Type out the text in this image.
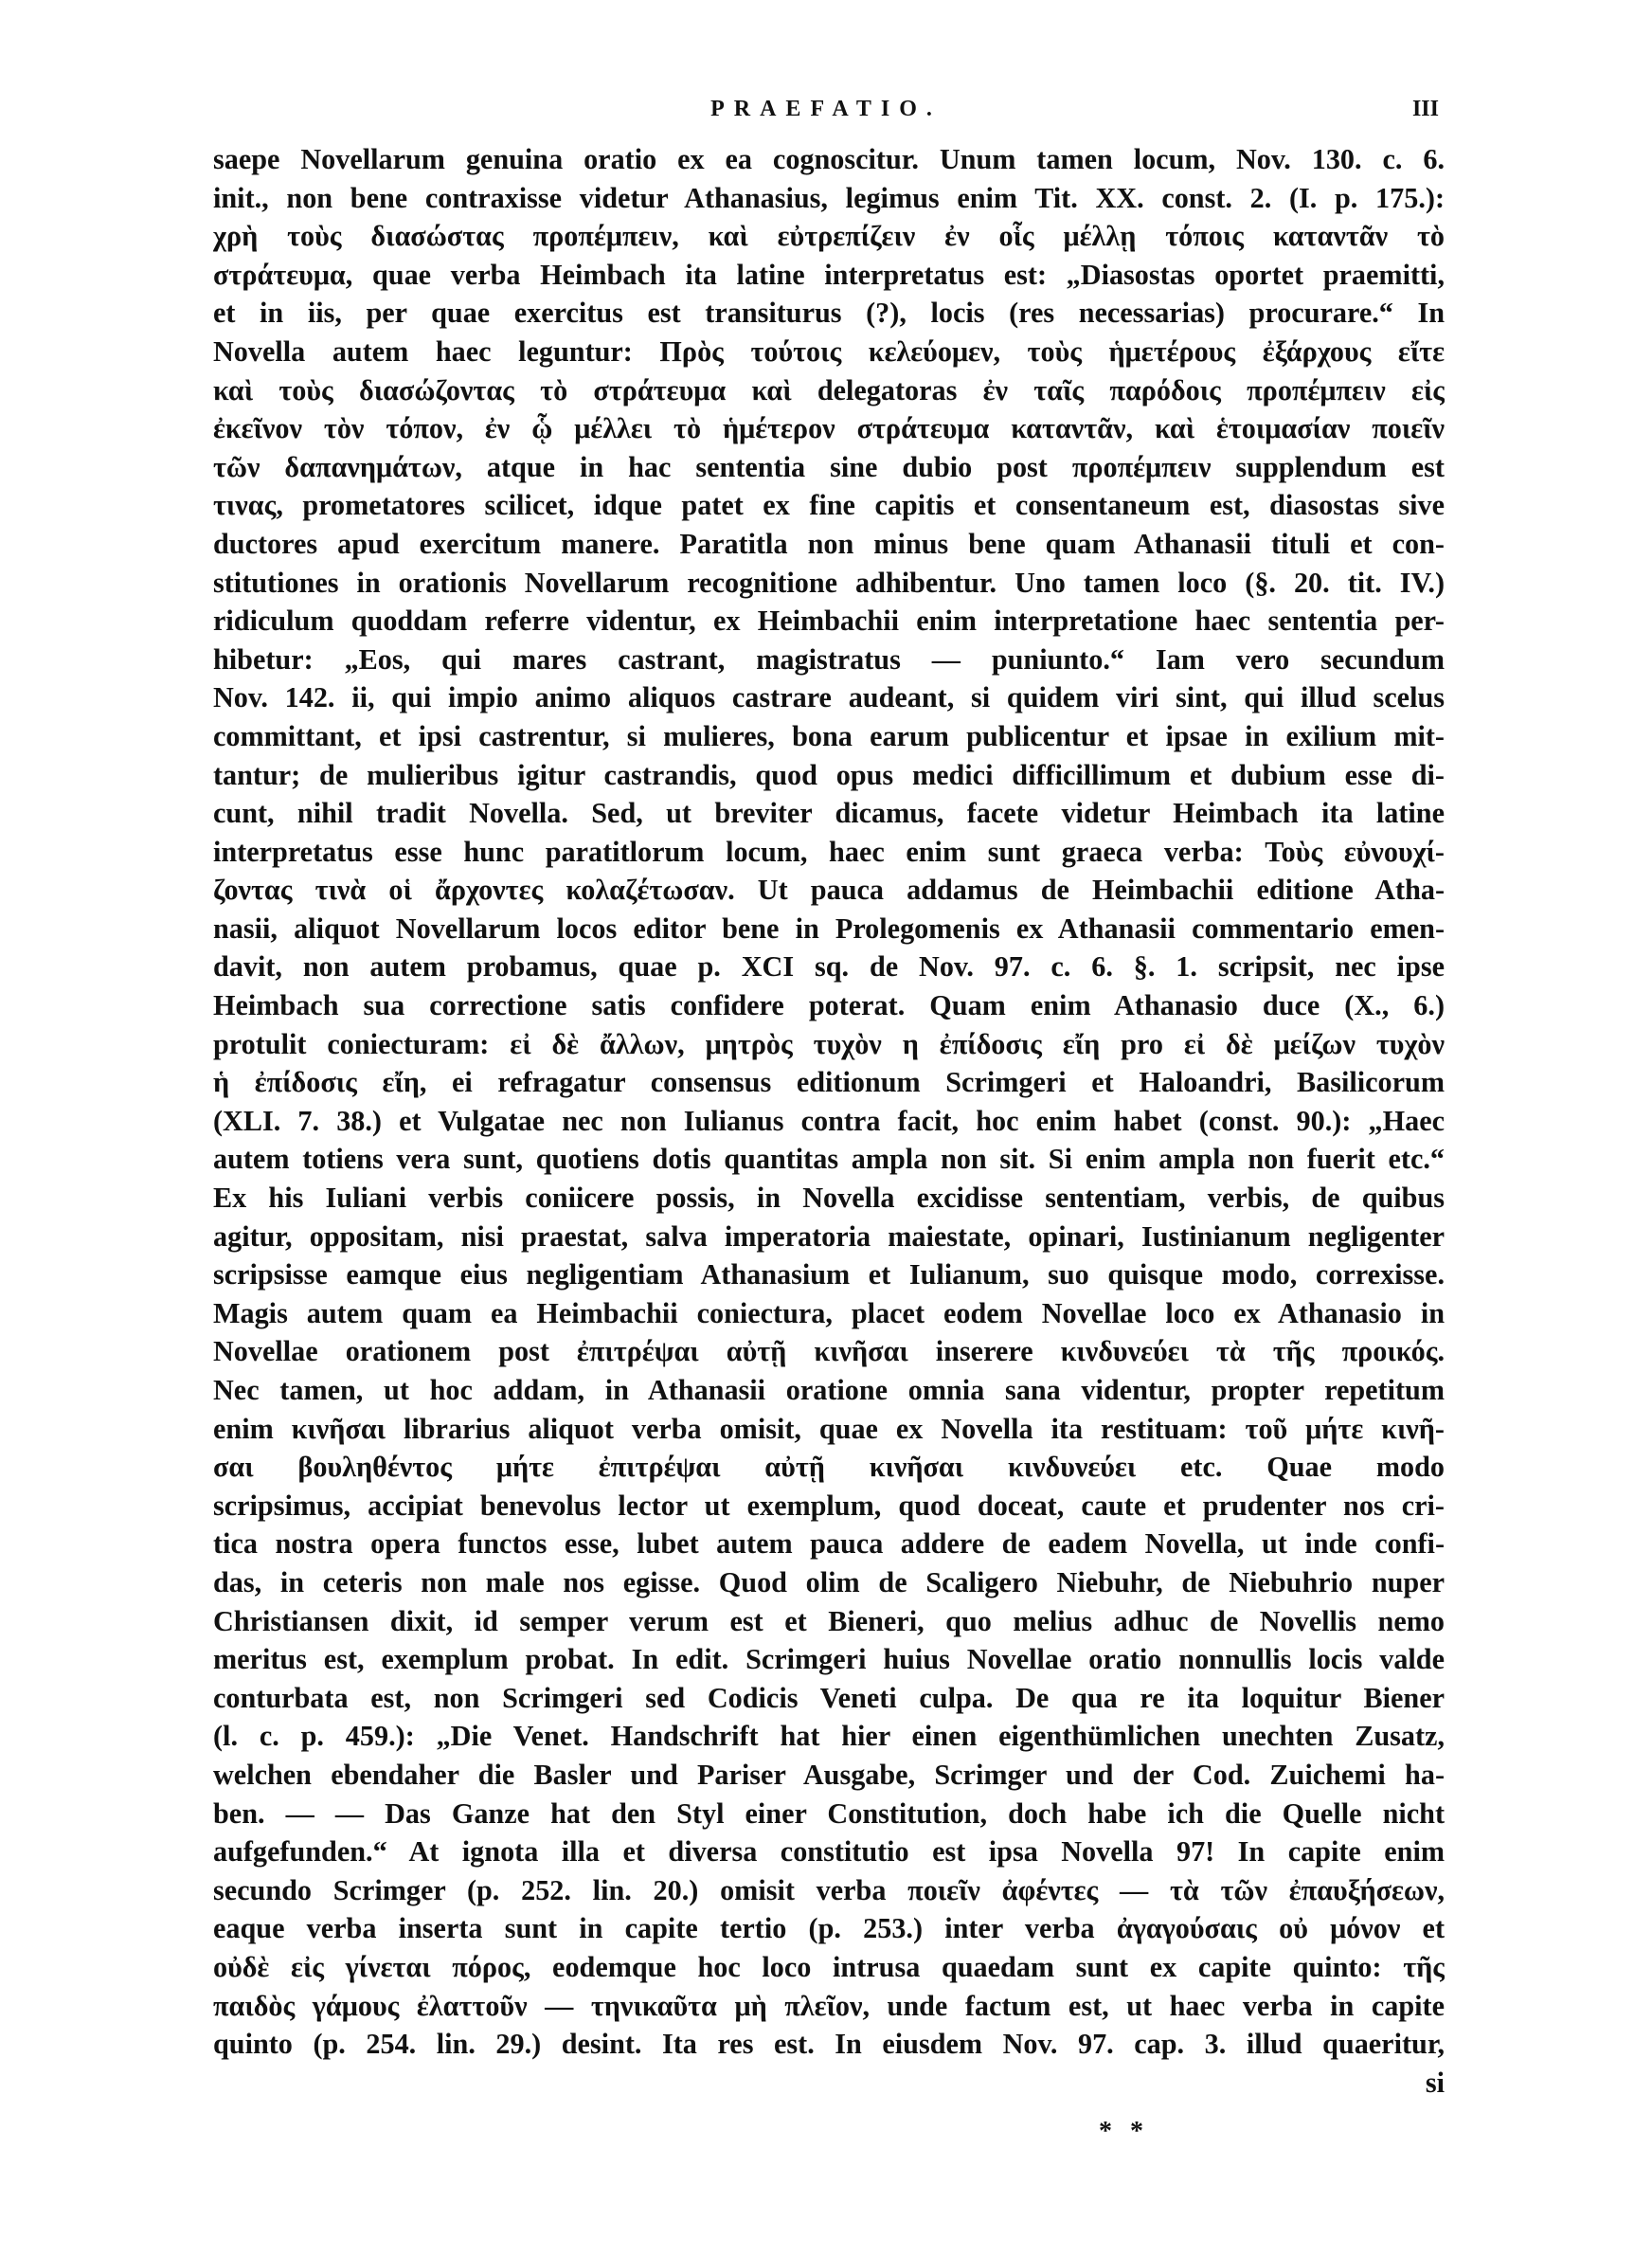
PRAEFATIO.	III
saepe Novellarum genuina oratio ex ea cognoscitur. Unum tamen locum, Nov. 130. c. 6.
init., non bene contraxisse videtur Athanasius, legimus enim Tit. XX. const. 2. (I. p. 175.):
χρὴ τοὺς διασώστας προπέμπειν, καὶ εὐτρεπίζειν ἐν οἷς μέλλῃ τόποις καταντᾶν τὸ
στράτευμα, quae verba Heimbach ita latine interpretatus est: „Diasostas oportet praemitti,
et in iis, per quae exercitus est transiturus (?), locis (res necessarias) procurare.“ In
Novella autem haec leguntur: Πρὸς τούτοις κελεύομεν, τοὺς ἡμετέρους ἐξάρχους εἴτε
καὶ τοὺς διασώζοντας τὸ στράτευμα καὶ delegatoras ἐν ταῖς παρόδοις προπέμπειν εἰς
ἐκεῖνον τὸν τόπον, ἐν ᾧ μέλλει τὸ ἡμέτερον στράτευμα καταντᾶν, καὶ ἑτοιμασίαν ποιεῖν
τῶν δαπανημάτων, atque in hac sententia sine dubio post προπέμπειν supplendum est
τινας, prometatores scilicet, idque patet ex fine capitis et consentaneum est, diasostas sive
ductores apud exercitum manere. Paratitla non minus bene quam Athanasii tituli et con-
stitutiones in orationis Novellarum recognitione adhibentur. Uno tamen loco (§. 20. tit. IV.)
ridiculum quoddam referre videntur, ex Heimbachii enim interpretatione haec sententia per-
hibetur: „Eos, qui mares castrant, magistratus — puniunto.“ Iam vero secundum
Nov. 142. ii, qui impio animo aliquos castrare audeant, si quidem viri sint, qui illud scelus
committant, et ipsi castrentur, si mulieres, bona earum publicentur et ipsae in exilium mit-
tantur; de mulieribus igitur castrandis, quod opus medici difficillimum et dubium esse di-
cunt, nihil tradit Novella. Sed, ut breviter dicamus, facete videtur Heimbach ita latine
interpretatus esse hunc paratitlorum locum, haec enim sunt graeca verba: Τοὺς εὐνουχί-
ζοντας τινὰ οἱ ἄρχοντες κολαζέτωσαν. Ut pauca addamus de Heimbachii editione Atha-
nasii, aliquot Novellarum locos editor bene in Prolegomenis ex Athanasii commentario emen-
davit, non autem probamus, quae p. XCI sq. de Nov. 97. c. 6. §. 1. scripsit, nec ipse
Heimbach sua correctione satis confidere poterat. Quam enim Athanasio duce (X., 6.)
protulit coniecturam: εἰ δὲ ἄλλων, μητρὸς τυχὸν η ἐπίδοσις εἴη pro εἰ δὲ μείζων τυχὸν
ἡ ἐπίδοσις εἴη, ei refragatur consensus editionum Scrimgeri et Haloandri, Basilicorum
(XLI. 7. 38.) et Vulgatae nec non Iulianus contra facit, hoc enim habet (const. 90.): „Haec
autem totiens vera sunt, quotiens dotis quantitas ampla non sit. Si enim ampla non fuerit etc.“
Ex his Iuliani verbis coniicere possis, in Novella excidisse sententiam, verbis, de quibus
agitur, oppositam, nisi praestat, salva imperatoria maiestate, opinari, Iustinianum negligenter
scripsisse eamque eius negligentiam Athanasium et Iulianum, suo quisque modo, correxisse.
Magis autem quam ea Heimbachii coniectura, placet eodem Novellae loco ex Athanasio in
Novellae orationem post ἐπιτρέψαι αὐτῇ κινῆσαι inserere κινδυνεύει τὰ τῆς προικός.
Nec tamen, ut hoc addam, in Athanasii oratione omnia sana videntur, propter repetitum
enim κινῆσαι librarius aliquot verba omisit, quae ex Novella ita restituam: τοῦ μήτε κινῆ-
σαι βουληθέντος μήτε ἐπιτρέψαι αὐτῇ κινῆσαι κινδυνεύει etc. Quae modo
scripsimus, accipiat benevolus lector ut exemplum, quod doceat, caute et prudenter nos cri-
tica nostra opera functos esse, lubet autem pauca addere de eadem Novella, ut inde confi-
das, in ceteris non male nos egisse. Quod olim de Scaligero Niebuhr, de Niebuhrio nuper
Christiansen dixit, id semper verum est et Bieneri, quo melius adhuc de Novellis nemo
meritus est, exemplum probat. In edit. Scrimgeri huius Novellae oratio nonnullis locis valde
conturbata est, non Scrimgeri sed Codicis Veneti culpa. De qua re ita loquitur Biener
(l. c. p. 459.): „Die Venet. Handschrift hat hier einen eigenthümlichen unechten Zusatz,
welchen ebendaher die Basler und Pariser Ausgabe, Scrimger und der Cod. Zuichemi ha-
ben. — — Das Ganze hat den Styl einer Constitution, doch habe ich die Quelle nicht
aufgefunden.“ At ignota illa et diversa constitutio est ipsa Novella 97! In capite enim
secundo Scrimger (p. 252. lin. 20.) omisit verba ποιεῖν ἀφέντες — τὰ τῶν ἐπαυξήσεων,
eaque verba inserta sunt in capite tertio (p. 253.) inter verba ἀγαγούσαις οὐ μόνον et
οὐδὲ εἰς γίνεται πόρος, eodemque hoc loco intrusa quaedam sunt ex capite quinto: τῆς
παιδὸς γάμους ἐλαττοῦν — τηνικαῦτα μὴ πλεῖον, unde factum est, ut haec verba in capite
quinto (p. 254. lin. 29.) desint. Ita res est. In eiusdem Nov. 97. cap. 3. illud quaeritur,
si
* *
